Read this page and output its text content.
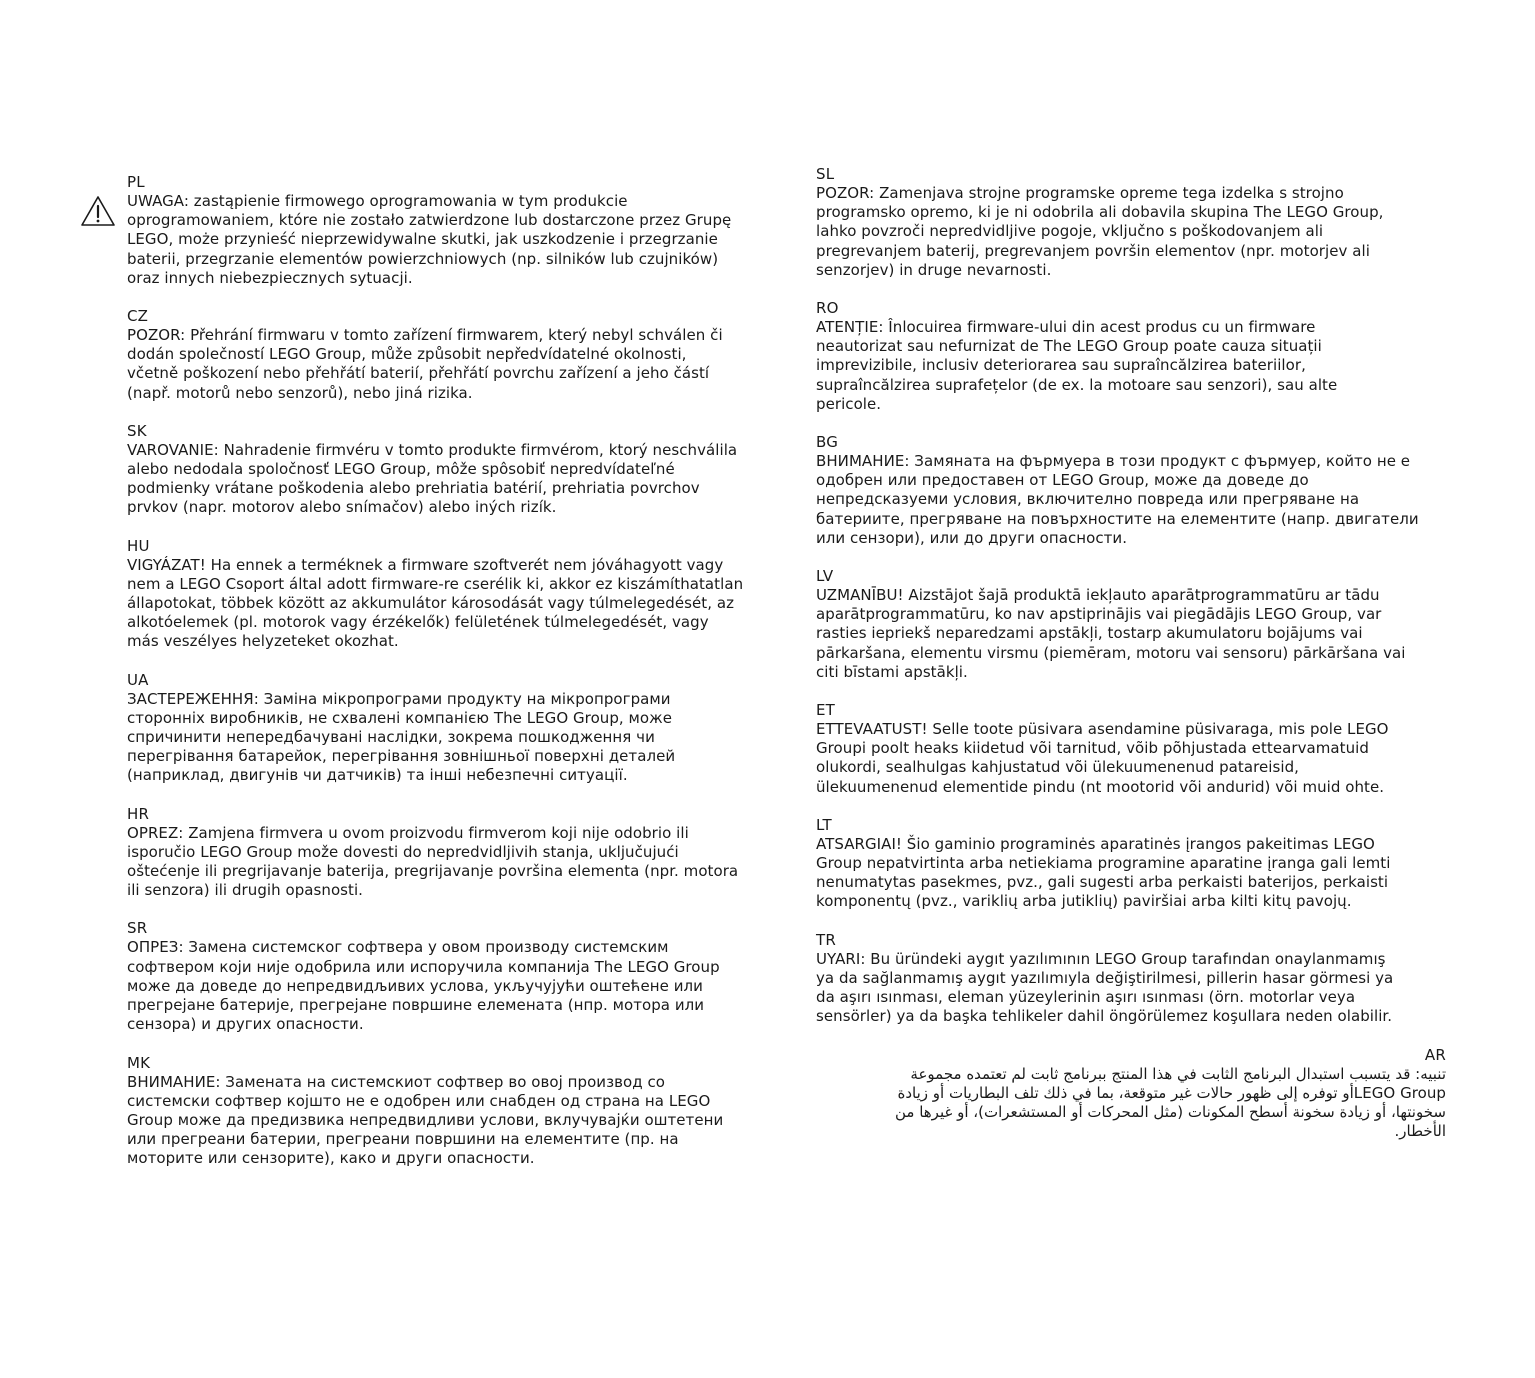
PL

UWAGA: zastąpienie firmowego oprogramowania w tym produkcie
oprogramowaniem, które nie zostało zatwierdzone lub dostarczone przez Grupę
LEGO, może przynieść nieprzewidywalne skutki, jak uszkodzenie i przegrzanie
baterii, przegrzanie elementów powierzchniowych (np. silników lub czujników)
oraz innych niebezpiecznych sytuacji.

CZ

POZOR: Přehrání firmwaru v tomto zařízení firmwarem, který nebyl schválen či
dodán společností LEGO Group, může způsobit nepředvídatelné okolnosti,
včetně poškození nebo přehřátí baterií, přehřátí povrchu zařízení a jeho částí
(např. motorů nebo senzorů), nebo jiná rizika.

SK

VAROVANIE: Nahradenie firmvéru v tomto produkte firmvérom, ktorý neschválila
alebo nedodala spoločnosť LEGO Group, môže spôsobiť nepredvídateľné
podmienky vrátane poškodenia alebo prehriatia batérií, prehriatia povrchov
prvkov (napr. motorov alebo snímačov) alebo iných rizík.

HU

VIGYÁZAT! Ha ennek a terméknek a firmware szoftverét nem jóváhagyott vagy
nem a LEGO Csoport által adott firmware-re cserélik ki, akkor ez kiszámíthatatlan
állapotokat, többek között az akkumulátor károsodását vagy túlmelegedését, az
alkotóelemek (pl. motorok vagy érzékelők) felületének túlmelegedését, vagy
más veszélyes helyzeteket okozhat.

UA

ЗАСТЕРЕЖЕННЯ: Заміна мікропрограми продукту на мікропрограми
сторонніх виробників, не схвалені компанією The LEGO Group, може
спричинити непередбачувані наслідки, зокрема пошкодження чи
перегрівання батарейок, перегрівання зовнішньої поверхні деталей
(наприклад, двигунів чи датчиків) та інші небезпечні ситуації.

HR

OPREZ: Zamjena firmvera u ovom proizvodu firmverom koji nije odobrio ili
isporučio LEGO Group može dovesti do nepredvidljivih stanja, uključujući
oštećenje ili pregrijavanje baterija, pregrijavanje površina elementa (npr. motora
ili senzora) ili drugih opasnosti.

SR

ОПРЕЗ: Замена системског софтвера у овом производу системским
софтвером који није одобрила или испоручила компанија The LEGO Group
може да доведе до непредвидљивих услова, укључујући оштећене или
прегрејане батерије, прегрејане површине елемената (нпр. мотора или
сензора) и других опасности.

MK

ВНИМАНИЕ: Замената на системскиот софтвер во овој производ со
системски софтвер којшто не е одобрен или снабден од страна на LEGO
Group може да предизвика непредвидливи услови, вклучувајќи оштетени
или прегреани батерии, прегреани површини на елементите (пр. на
моторите или сензорите), како и други опасности.

SL

POZOR: Zamenjava strojne programske opreme tega izdelka s strojno
programsko opremo, ki je ni odobrila ali dobavila skupina The LEGO Group,
lahko povzroči nepredvidljive pogoje, vključno s poškodovanjem ali
pregrevanjem baterij, pregrevanjem površin elementov (npr. motorjev ali
senzorjev) in druge nevarnosti.

RO

ATENȚIE: Înlocuirea firmware-ului din acest produs cu un firmware
neautorizat sau nefurnizat de The LEGO Group poate cauza situații
imprevizibile, inclusiv deteriorarea sau supraîncălzirea bateriilor,
supraîncălzirea suprafețelor (de ex. la motoare sau senzori), sau alte
pericole.

BG

ВНИМАНИЕ: Замяната на фърмуера в този продукт с фърмуер, който не е
одобрен или предоставен от LEGO Group, може да доведе до
непредсказуеми условия, включително повреда или прегряване на
батериите, прегряване на повърхностите на елементите (напр. двигатели
или сензори), или до други опасности.

LV

UZMANĪBU! Aizstājot šajā produktā iekļauto aparātprogrammatūru ar tādu
aparātprogrammatūru, ko nav apstiprinājis vai piegādājis LEGO Group, var
rasties iepriekš neparedzami apstākļi, tostarp akumulatoru bojājums vai
pārkaršana, elementu virsmu (piemēram, motoru vai sensoru) pārkāršana vai
citi bīstami apstākļi.

ET

ETTEVAATUST! Selle toote püsivara asendamine püsivaraga, mis pole LEGO
Groupi poolt heaks kiidetud või tarnitud, võib põhjustada ettearvamatuid
olukordi, sealhulgas kahjustatud või ülekuumenenud patareisid,
ülekuumenenud elementide pindu (nt mootorid või andurid) või muid ohte.

LT

ATSARGIAI! Šio gaminio programinės aparatinės įrangos pakeitimas LEGO
Group nepatvirtinta arba netiekiama programine aparatine įranga gali lemti
nenumatytas pasekmes, pvz., gali sugesti arba perkaisti baterijos, perkaisti
komponentų (pvz., variklių arba jutiklių) paviršiai arba kilti kitų pavojų.

TR

UYARI: Bu üründeki aygıt yazılımının LEGO Group tarafından onaylanmamış
ya da sağlanmamış aygıt yazılımıyla değiştirilmesi, pillerin hasar görmesi ya
da aşırı ısınması, eleman yüzeylerinin aşırı ısınması (örn. motorlar veya
sensörler) ya da başka tehlikeler dahil öngörülemez koşullara neden olabilir.

AR

تنبيه: قد يتسبب استبدال البرنامج الثابت في هذا المنتج ببرنامج ثابت لم تعتمده مجموعة
LEGO Groupأو توفره إلى ظهور حالات غير متوقعة، بما في ذلك تلف البطاريات أو زيادة
سخونتها، أو زيادة سخونة أسطح المكونات (مثل المحركات أو المستشعرات)، أو غيرها من
الأخطار.
